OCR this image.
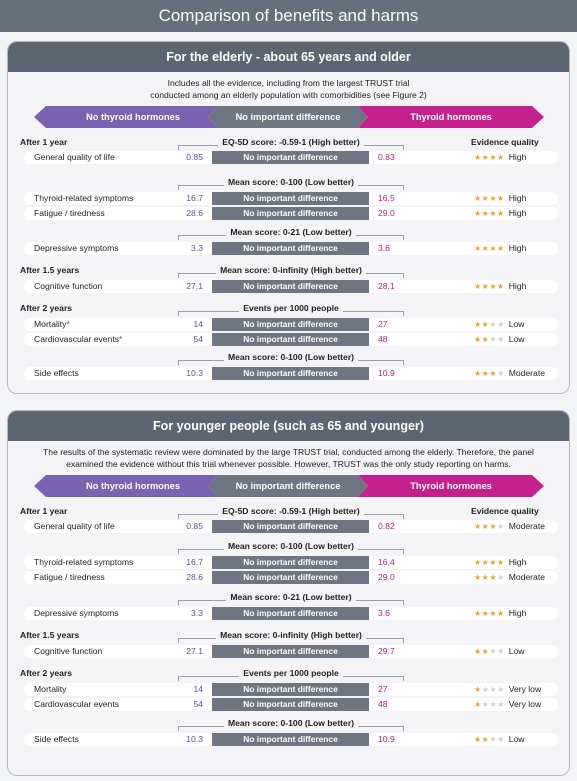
Comparison of benefits and harms
For the elderly - about 65 years and older
Includes all the evidence, including from the largest TRUST trial conducted among an elderly population with comorbidities (see Figure 2)
No thyroid hormones	No important difference	Thyroid hormones
After 1 year
After 1.5 years
After 2 years
Evidence quality
EQ-5D score: -0.59-1 (High better)
Mean score: 0-100 (Low better)
Mean score: 0-21 (Low better)
Mean score: 0-infinity (High better)
Events per 1000 people
Mean score: 0-100 (Low better)
General quality of life	0.85	No important difference	0.83	★★★★ High
Thyroid-related symptoms	16.7	No important difference	16.5	★★★★ High
Fatigue / tiredness	28.6	No important difference	29.0	★★★★ High
Depressive symptoms	3.3	No important difference	3.6	★★★★ High
Cognitive function	27.1	No important difference	28.1	★★★★ High
Mortality*	14	No important difference	27	★★★★ Low
Cardiovascular events*	54	No important difference	48	★★★★ Low
Side effects	10.3	No important difference	10.9	★★★★ Moderate
For younger people (such as 65 and younger)
The results of the systematic review were dominated by the large TRUST trial, conducted among the elderly. Therefore, the panel examined the evidence without this trial whenever possible. However, TRUST was the only study reporting on harms.
No thyroid hormones	No important difference	Thyroid hormones
After 1 year
After 1.5 years
After 2 years
Evidence quality
EQ-5D score: -0.59-1 (High better)
Mean score: 0-100 (Low better)
Mean score: 0-21 (Low better)
Mean score: 0-infinity (High better)
Events per 1000 people
Mean score: 0-100 (Low better)
General quality of life	0.85	No important difference	0.82	★★★★ Moderate
Thyroid-related symptoms	16.7	No important difference	16.4	★★★★ High
Fatigue / tiredness	28.6	No important difference	29.0	★★★★ Moderate
Depressive symptoms	3.3	No important difference	3.6	★★★★ High
Cognitive function	27.1	No important difference	29.7	★★★★ Low
Mortality	14	No important difference	27	★★★★ Very low
Cardiovascular events	54	No important difference	48	★★★★ Very low
Side effects	10.3	No important difference	10.9	★★★★ Low
